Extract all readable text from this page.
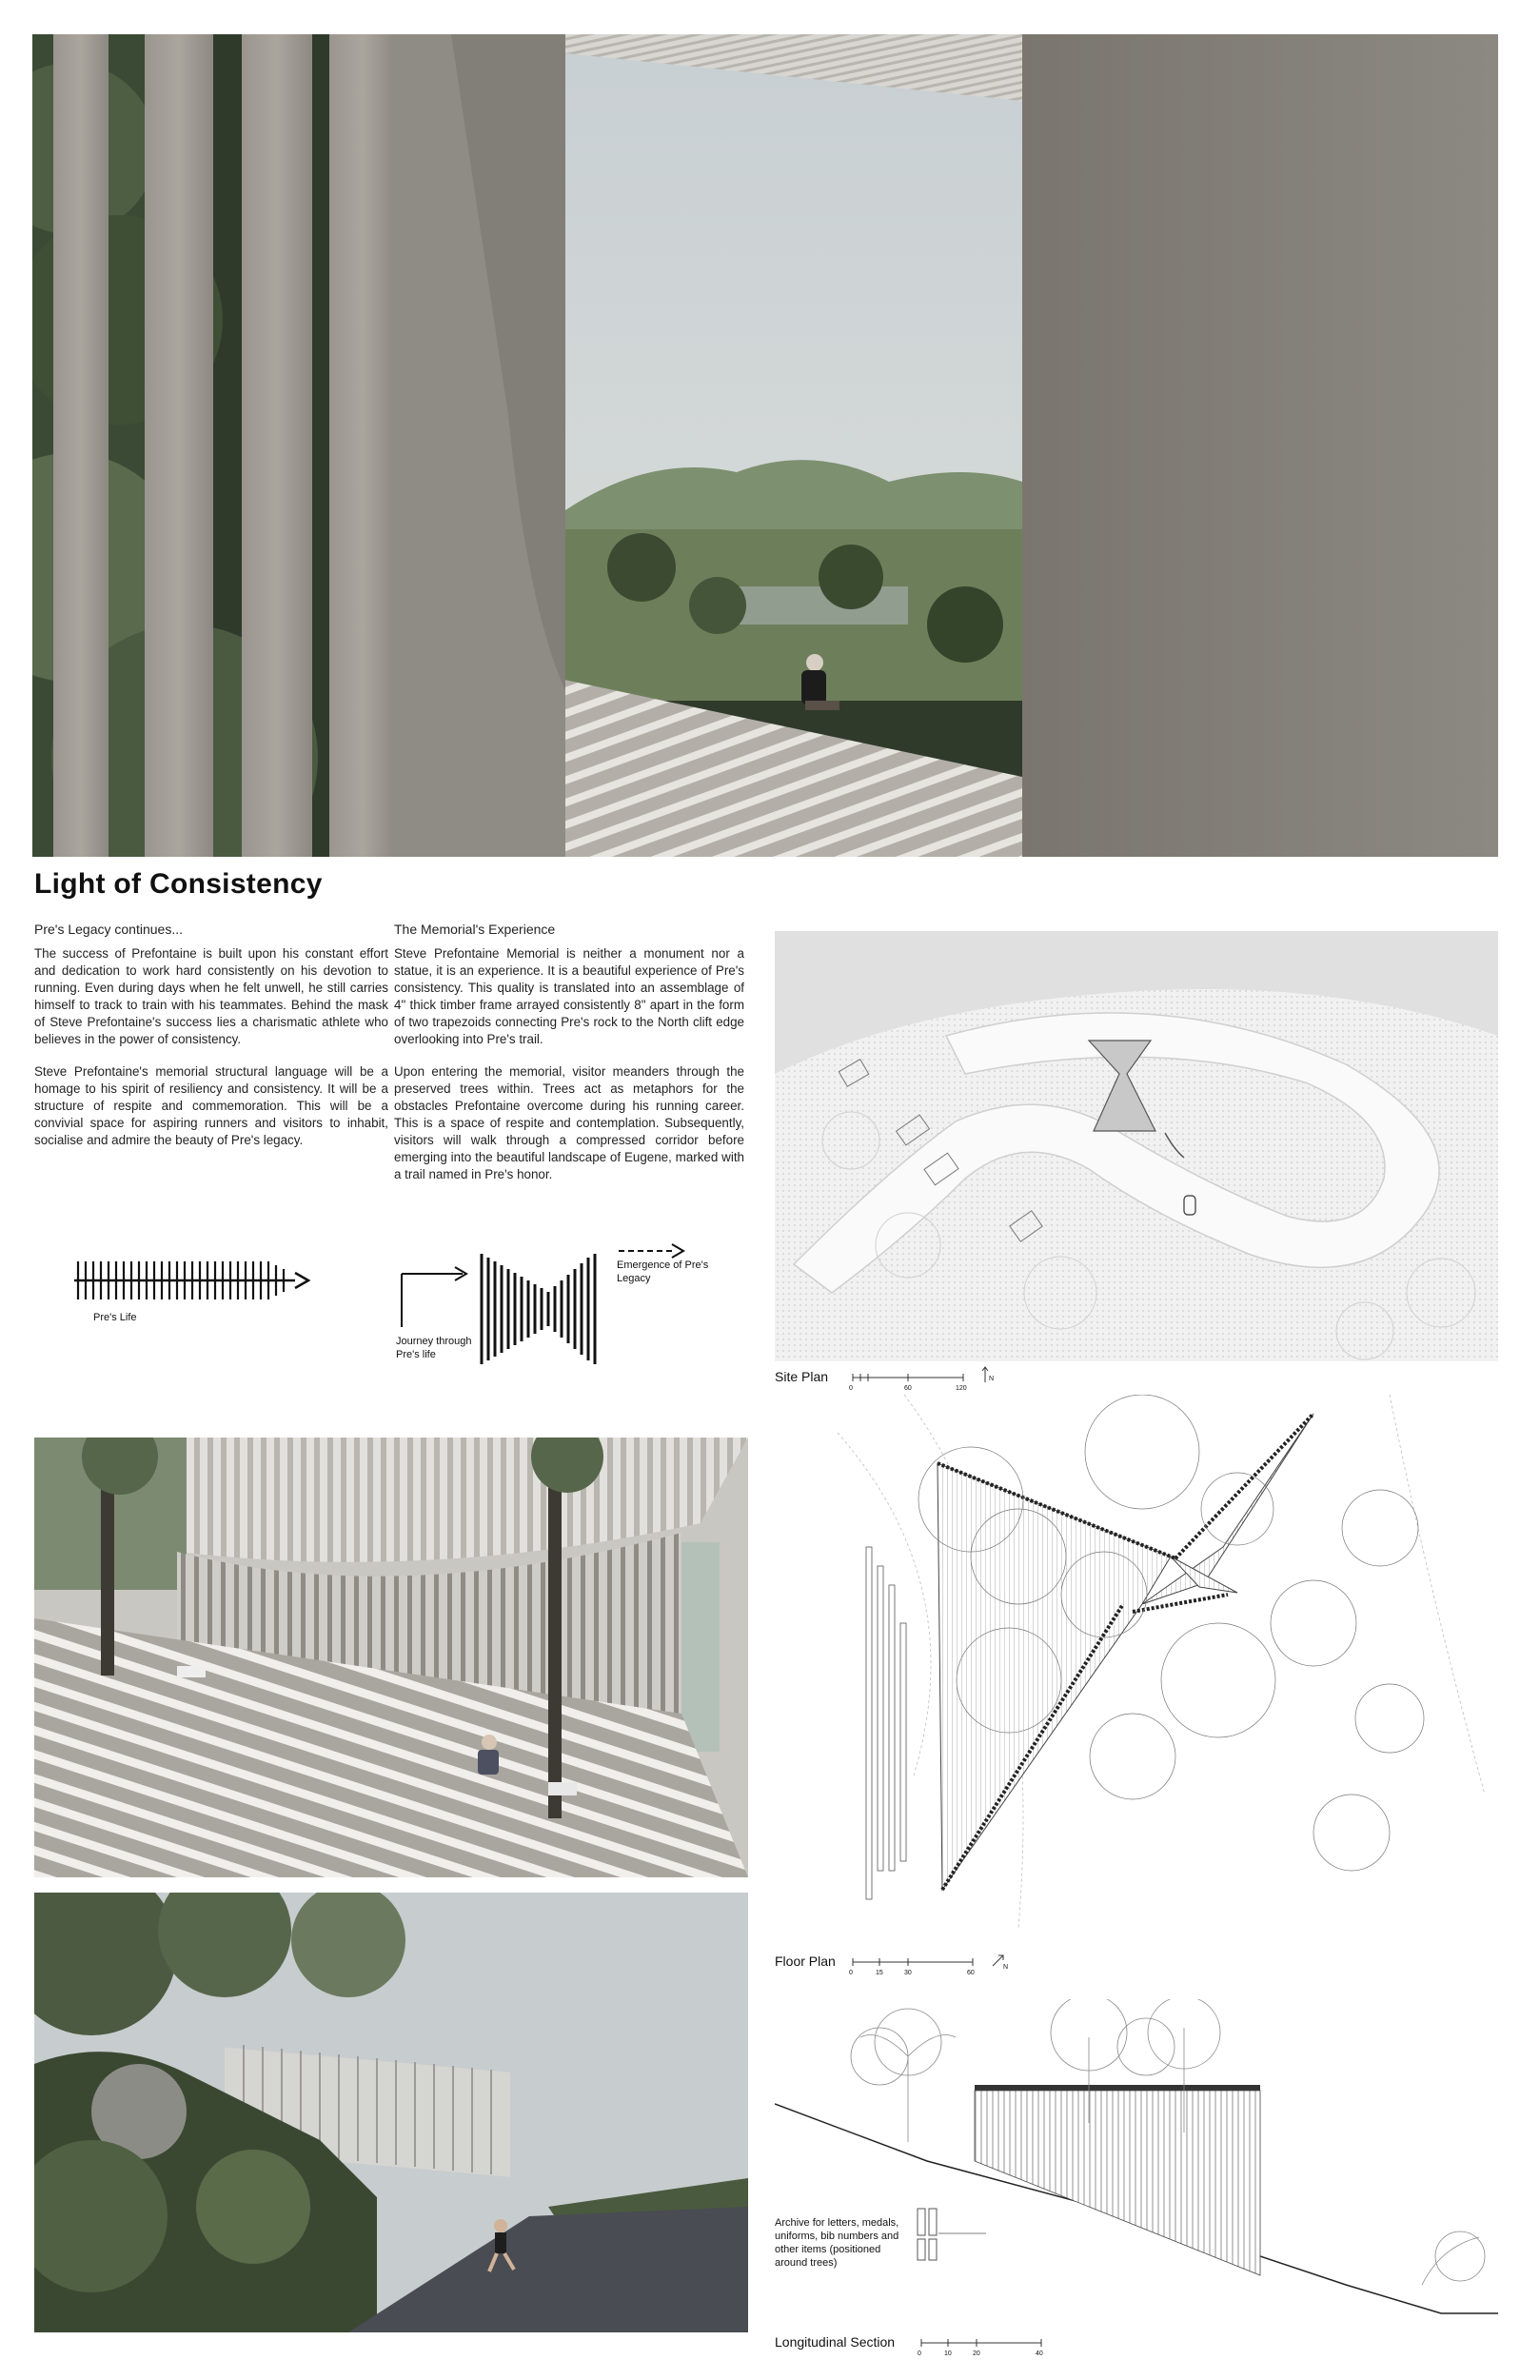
Light of Consistency
Pre's Legacy continues...

The success of Prefontaine is built upon his constant effort and dedication to work hard consistently on his devotion to running. Even during days when he felt unwell, he still carries himself to track to train with his teammates. Behind the mask of Steve Prefontaine's success lies a charismatic athlete who believes in the power of consistency.

Steve Prefontaine's memorial structural language will be a homage to his spirit of resiliency and consistency. It will be a structure of respite and commemoration. This will be a convivial space for aspiring runners and visitors to inhabit, socialise and admire the beauty of Pre's legacy.

The Memorial's Experience

Steve Prefontaine Memorial is neither a monument nor a statue, it is an experience. It is a beautiful experience of Pre's consistency. This quality is translated into an assemblage of 4" thick timber frame arrayed consistently 8" apart in the form of two trapezoids connecting Pre's rock to the North clift edge overlooking into Pre's trail.

Upon entering the memorial, visitor meanders through the preserved trees within. Trees act as metaphors for the obstacles Prefontaine overcome during his running career. This is a space of respite and contemplation. Subsequently, visitors will walk through a compressed corridor before emerging into the beautiful landscape of Eugene, marked with a trail named in Pre's honor.

Pre's Life
Journey through Pre's life
Emergence of Pre's Legacy
Site Plan
0	60	120
N
Floor Plan
0	15	30	60
N
Archive for letters, medals, uniforms, bib numbers and other items (positioned around trees)
Longitudinal Section
0	10	20	40
